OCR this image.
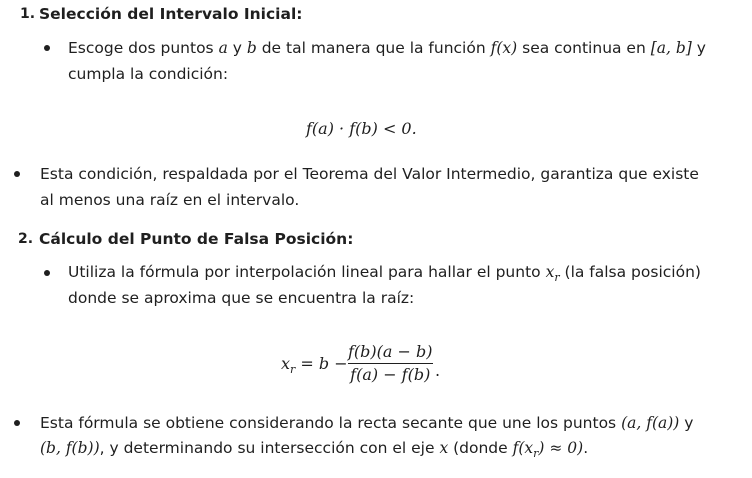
1. Selección del Intervalo Inicial:
Escoge dos puntos a y b de tal manera que la función f(x) sea continua en [a, b] y
cumpla la condición:
f(a) · f(b) < 0.
Esta condición, respaldada por el Teorema del Valor Intermedio, garantiza que existe
al menos una raíz en el intervalo.
2. Cálculo del Punto de Falsa Posición:
Utiliza la fórmula por interpolación lineal para hallar el punto $x_r$ (la falsa posición)
donde se aproxima que se encuentra la raíz:
$x_r = b$ −
f(b)(a − b)
f(a) − f(b) .
Esta fórmula se obtiene considerando la recta secante que une los puntos (a, f(a)) y
(b, f(b)), y determinando su intersección con el eje x (donde $f(x_r) \approx 0$).
